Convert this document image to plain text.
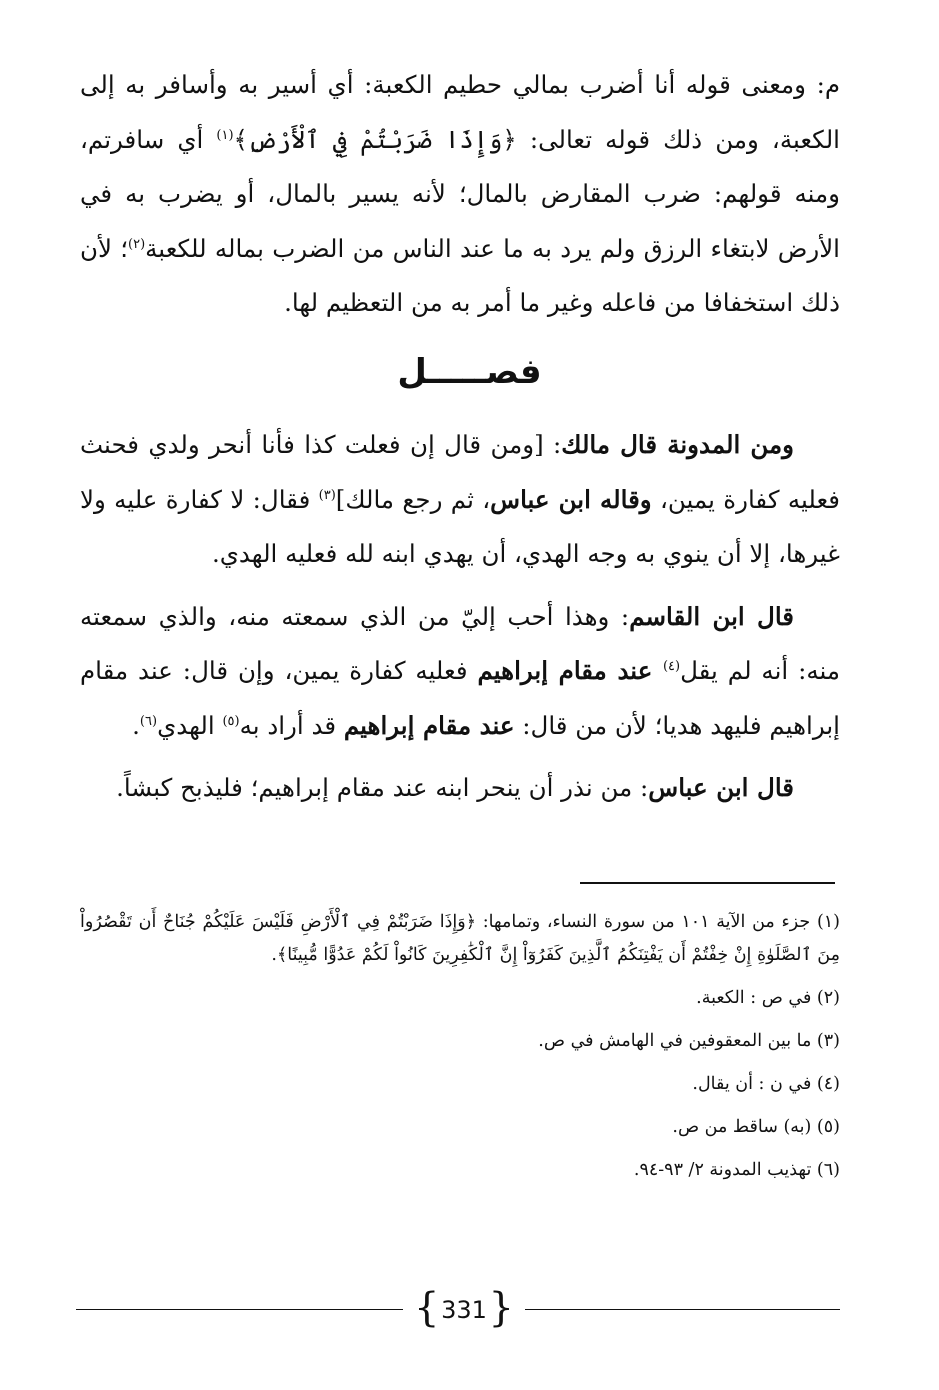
م: ومعنى قوله أنا أضرب بمالي حطيم الكعبة: أي أسير به وأسافر به إلى الكعبة، ومن ذلك قوله تعالى: ﴿وَإِذَا ضَرَبْتُمْ فِي ٱلْأَرْضِ﴾$^{(١)}$ أي سافرتم، ومنه قولهم: ضرب المقارض بالمال؛ لأنه يسير بالمال، أو يضرب به في الأرض لابتغاء الرزق ولم يرد به ما عند الناس من الضرب بماله للكعبة$^{(٢)}$؛ لأن ذلك استخفافا من فاعله وغير ما أمر به من التعظيم لها.

فصـــــل

ومن المدونة قال مالك: [ومن قال إن فعلت كذا فأنا أنحر ولدي فحنث فعليه كفارة يمين، وقاله ابن عباس، ثم رجع مالك]$^{(٣)}$ فقال: لا كفارة عليه ولا غيرها، إلا أن ينوي به وجه الهدي، أن يهدي ابنه لله فعليه الهدي.

قال ابن القاسم: وهذا أحب إليّ من الذي سمعته منه، والذي سمعته منه: أنه لم يقل$^{(٤)}$ عند مقام إبراهيم فعليه كفارة يمين، وإن قال: عند مقام إبراهيم فليهد هديا؛ لأن من قال: عند مقام إبراهيم قد أراد به$^{(٥)}$ الهدي$^{(٦)}$.

قال ابن عباس: من نذر أن ينحر ابنه عند مقام إبراهيم؛ فليذبح كبشاً.

(١) جزء من الآية ١٠١ من سورة النساء، وتمامها: ﴿وَإِذَا ضَرَبْتُمْ فِي ٱلْأَرْضِ فَلَيْسَ عَلَيْكُمْ جُنَاحٌ أَن تَقْصُرُواْ مِنَ ٱلصَّلَوٰةِ إِنْ خِفْتُمْ أَن يَفْتِنَكُمُ ٱلَّذِينَ كَفَرُوٓاْ إِنَّ ٱلْكَٰفِرِينَ كَانُواْ لَكُمْ عَدُوًّا مُّبِينًا﴾.

(٢) في ص : الكعبة.

(٣) ما بين المعقوفين في الهامش في ص.

(٤) في ن : أن يقال.

(٥) (به) ساقط من ص.

(٦) تهذيب المدونة ٢/ ٩٣-٩٤.

{ 331 }
